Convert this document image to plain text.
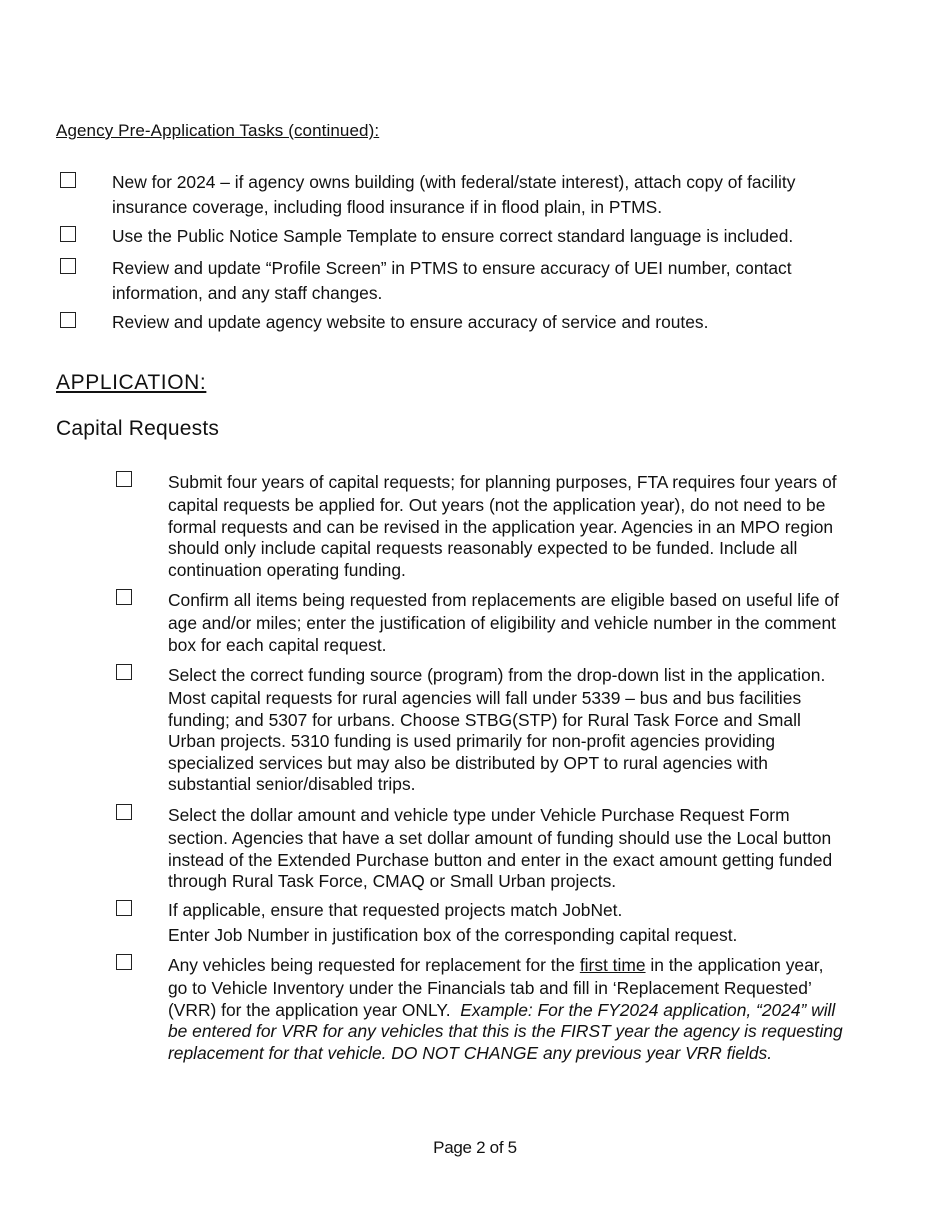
Agency Pre-Application Tasks (continued):
New for 2024 – if agency owns building (with federal/state interest), attach copy of facility
insurance coverage, including flood insurance if in flood plain, in PTMS.
Use the Public Notice Sample Template to ensure correct standard language is included.
Review and update “Profile Screen” in PTMS to ensure accuracy of UEI number, contact
information, and any staff changes.
Review and update agency website to ensure accuracy of service and routes.
APPLICATION:
Capital Requests
Submit four years of capital requests; for planning purposes, FTA requires four years of
capital requests be applied for. Out years (not the application year), do not need to be
formal requests and can be revised in the application year. Agencies in an MPO region
should only include capital requests reasonably expected to be funded. Include all
continuation operating funding.
Confirm all items being requested from replacements are eligible based on useful life of
age and/or miles; enter the justification of eligibility and vehicle number in the comment
box for each capital request.
Select the correct funding source (program) from the drop-down list in the application.
Most capital requests for rural agencies will fall under 5339 – bus and bus facilities
funding; and 5307 for urbans. Choose STBG(STP) for Rural Task Force and Small
Urban projects. 5310 funding is used primarily for non-profit agencies providing
specialized services but may also be distributed by OPT to rural agencies with
substantial senior/disabled trips.
Select the dollar amount and vehicle type under Vehicle Purchase Request Form
section. Agencies that have a set dollar amount of funding should use the Local button
instead of the Extended Purchase button and enter in the exact amount getting funded
through Rural Task Force, CMAQ or Small Urban projects.
If applicable, ensure that requested projects match JobNet.
Enter Job Number in justification box of the corresponding capital request.
Any vehicles being requested for replacement for the first time in the application year,
go to Vehicle Inventory under the Financials tab and fill in ‘Replacement Requested’
(VRR) for the application year ONLY.  Example: For the FY2024 application, “2024” will
be entered for VRR for any vehicles that this is the FIRST year the agency is requesting
replacement for that vehicle. DO NOT CHANGE any previous year VRR fields.
Page 2 of 5
